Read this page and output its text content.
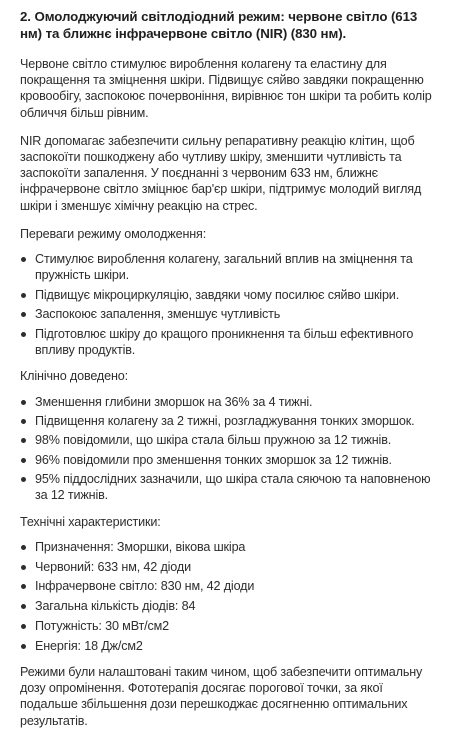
2. Омолоджуючий світлодіодний режим: червоне світло (613 нм) та ближнє інфрачервоне світло (NIR) (830 нм).

Червоне світло стимулює вироблення колагену та еластину для покращення та зміцнення шкіри. Підвищує сяйво завдяки покращенню кровообігу, заспокоює почервоніння, вирівнює тон шкіри та робить колір обличчя більш рівним.

NIR допомагає забезпечити сильну репаративну реакцію клітин, щоб заспокоїти пошкоджену або чутливу шкіру, зменшити чутливість та заспокоїти запалення. У поєднанні з червоним 633 нм, ближнє інфрачервоне світло зміцнює бар'єр шкіри, підтримує молодий вигляд шкіри і зменшує хімічну реакцію на стрес.

Переваги режиму омолодження:

Стимулює вироблення колагену, загальний вплив на зміцнення та пружність шкіри.
Підвищує мікроциркуляцію, завдяки чому посилює сяйво шкіри.
Заспокоює запалення, зменшує чутливість
Підготовлює шкіру до кращого проникнення та більш ефективного впливу продуктів.

Клінічно доведено:

Зменшення глибини зморшок на 36% за 4 тижні.
Підвищення колагену за 2 тижні, розгладжування тонких зморшок.
98% повідомили, що шкіра стала більш пружною за 12 тижнів.
96% повідомили про зменшення тонких зморшок за 12 тижнів.
95% піддослідних зазначили, що шкіра стала сяючою та наповненою за 12 тижнів.

Технічні характеристики:

Призначення: Зморшки, вікова шкіра
Червоний: 633 нм, 42 діоди
Інфрачервоне світло: 830 нм, 42 діоди
Загальна кількість діодів: 84
Потужність: 30 мВт/см2
Енергія: 18 Дж/см2

Режими були налаштовані таким чином, щоб забезпечити оптимальну дозу опромінення. Фототерапія досягає порогової точки, за якої подальше збільшення дози перешкоджає досягненню оптимальних результатів.
